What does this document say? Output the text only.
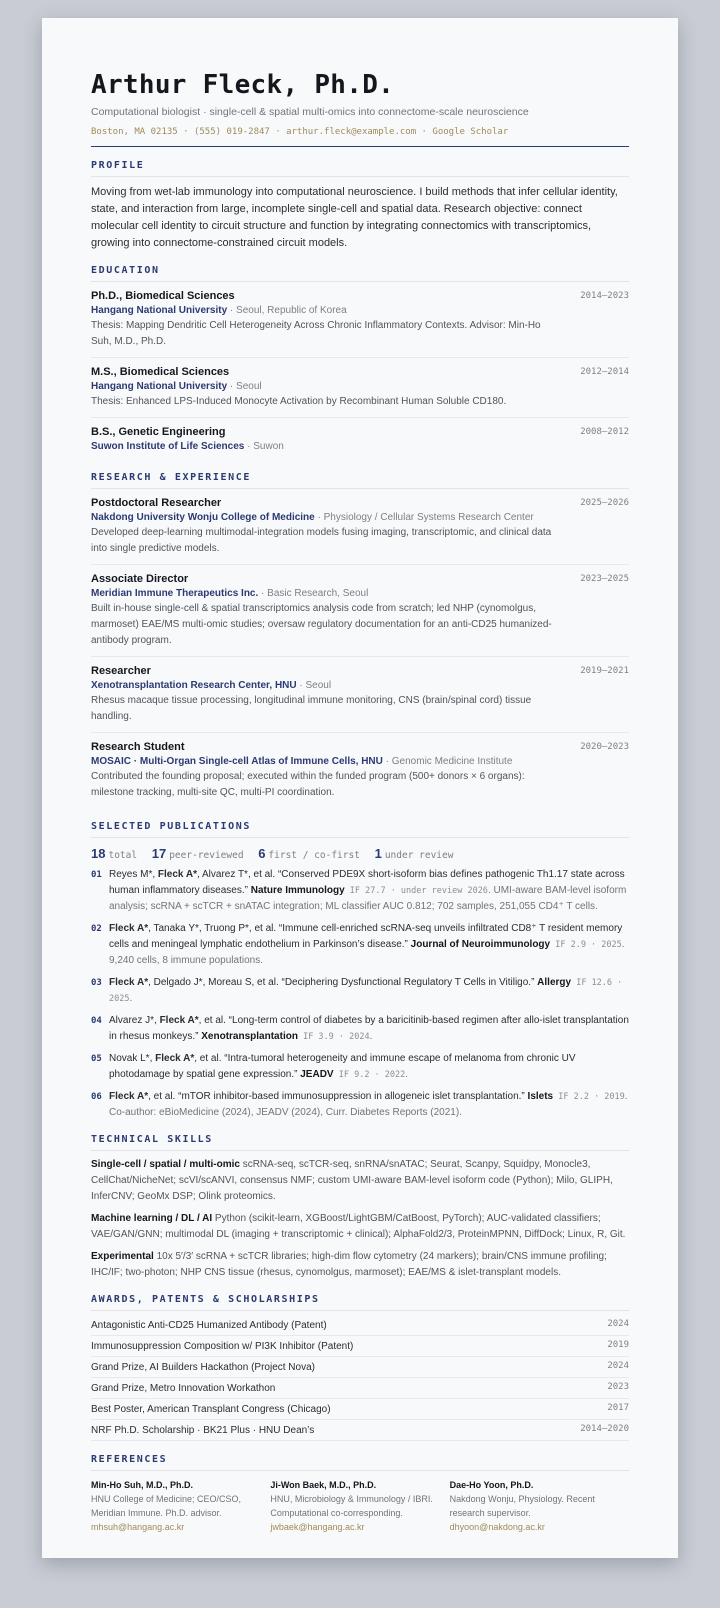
Arthur Fleck, Ph.D.
Computational biologist · single-cell & spatial multi-omics into connectome-scale neuroscience
Boston, MA 02135 · (555) 019-2847 · arthur.fleck@example.com · Google Scholar
PROFILE
Moving from wet-lab immunology into computational neuroscience. I build methods that infer cellular identity, state, and interaction from large, incomplete single-cell and spatial data. Research objective: connect molecular cell identity to circuit structure and function by integrating connectomics with transcriptomics, growing into connectome-constrained circuit models.
EDUCATION
Ph.D., Biomedical Sciences	2014–2023
Hangang National University · Seoul, Republic of Korea
Thesis: Mapping Dendritic Cell Heterogeneity Across Chronic Inflammatory Contexts. Advisor: Min-Ho Suh, M.D., Ph.D.
M.S., Biomedical Sciences	2012–2014
Hangang National University · Seoul
Thesis: Enhanced LPS-Induced Monocyte Activation by Recombinant Human Soluble CD180.
B.S., Genetic Engineering	2008–2012
Suwon Institute of Life Sciences · Suwon
RESEARCH & EXPERIENCE
Postdoctoral Researcher	2025–2026
Nakdong University Wonju College of Medicine · Physiology / Cellular Systems Research Center
Developed deep-learning multimodal-integration models fusing imaging, transcriptomic, and clinical data into single predictive models.
Associate Director	2023–2025
Meridian Immune Therapeutics Inc. · Basic Research, Seoul
Built in-house single-cell & spatial transcriptomics analysis code from scratch; led NHP (cynomolgus, marmoset) EAE/MS multi-omic studies; oversaw regulatory documentation for an anti-CD25 humanized-antibody program.
Researcher	2019–2021
Xenotransplantation Research Center, HNU · Seoul
Rhesus macaque tissue processing, longitudinal immune monitoring, CNS (brain/spinal cord) tissue handling.
Research Student	2020–2023
MOSAIC · Multi-Organ Single-cell Atlas of Immune Cells, HNU · Genomic Medicine Institute
Contributed the founding proposal; executed within the funded program (500+ donors × 6 organs): milestone tracking, multi-site QC, multi-PI coordination.
SELECTED PUBLICATIONS
18 total 17 peer-reviewed 6 first / co-first 1 under review
01 Reyes M*, Fleck A*, Alvarez T*, et al. “Conserved PDE9X short-isoform bias defines pathogenic Th1.17 state across human inflammatory diseases.” Nature Immunology IF 27.7 · under review 2026. UMI-aware BAM-level isoform analysis; scRNA + scTCR + snATAC integration; ML classifier AUC 0.812; 702 samples, 251,055 CD4⁺ T cells.
02 Fleck A*, Tanaka Y*, Truong P*, et al. “Immune cell-enriched scRNA-seq unveils infiltrated CD8⁺ T resident memory cells and meningeal lymphatic endothelium in Parkinson’s disease.” Journal of Neuroimmunology IF 2.9 · 2025. 9,240 cells, 8 immune populations.
03 Fleck A*, Delgado J*, Moreau S, et al. “Deciphering Dysfunctional Regulatory T Cells in Vitiligo.” Allergy IF 12.6 · 2025.
04 Alvarez J*, Fleck A*, et al. “Long-term control of diabetes by a baricitinib-based regimen after allo-islet transplantation in rhesus monkeys.” Xenotransplantation IF 3.9 · 2024.
05 Novak L*, Fleck A*, et al. “Intra-tumoral heterogeneity and immune escape of melanoma from chronic UV photodamage by spatial gene expression.” JEADV IF 9.2 · 2022.
06 Fleck A*, et al. “mTOR inhibitor-based immunosuppression in allogeneic islet transplantation.” Islets IF 2.2 · 2019. Co-author: eBioMedicine (2024), JEADV (2024), Curr. Diabetes Reports (2021).
TECHNICAL SKILLS
Single-cell / spatial / multi-omic scRNA-seq, scTCR-seq, snRNA/snATAC; Seurat, Scanpy, Squidpy, Monocle3, CellChat/NicheNet; scVI/scANVI, consensus NMF; custom UMI-aware BAM-level isoform code (Python); Milo, GLIPH, InferCNV; GeoMx DSP; Olink proteomics.
Machine learning / DL / AI Python (scikit-learn, XGBoost/LightGBM/CatBoost, PyTorch); AUC-validated classifiers; VAE/GAN/GNN; multimodal DL (imaging + transcriptomic + clinical); AlphaFold2/3, ProteinMPNN, DiffDock; Linux, R, Git.
Experimental 10x 5′/3′ scRNA + scTCR libraries; high-dim flow cytometry (24 markers); brain/CNS immune profiling; IHC/IF; two-photon; NHP CNS tissue (rhesus, cynomolgus, marmoset); EAE/MS & islet-transplant models.
AWARDS, PATENTS & SCHOLARSHIPS
Antagonistic Anti-CD25 Humanized Antibody (Patent)	2024
Immunosuppression Composition w/ PI3K Inhibitor (Patent)	2019
Grand Prize, AI Builders Hackathon (Project Nova)	2024
Grand Prize, Metro Innovation Workathon	2023
Best Poster, American Transplant Congress (Chicago)	2017
NRF Ph.D. Scholarship · BK21 Plus · HNU Dean’s	2014–2020
REFERENCES
Min-Ho Suh, M.D., Ph.D.
HNU College of Medicine; CEO/CSO, Meridian Immune. Ph.D. advisor.
mhsuh@hangang.ac.kr
Ji-Won Baek, M.D., Ph.D.
HNU, Microbiology & Immunology / IBRI. Computational co-corresponding.
jwbaek@hangang.ac.kr
Dae-Ho Yoon, Ph.D.
Nakdong Wonju, Physiology. Recent research supervisor.
dhyoon@nakdong.ac.kr
